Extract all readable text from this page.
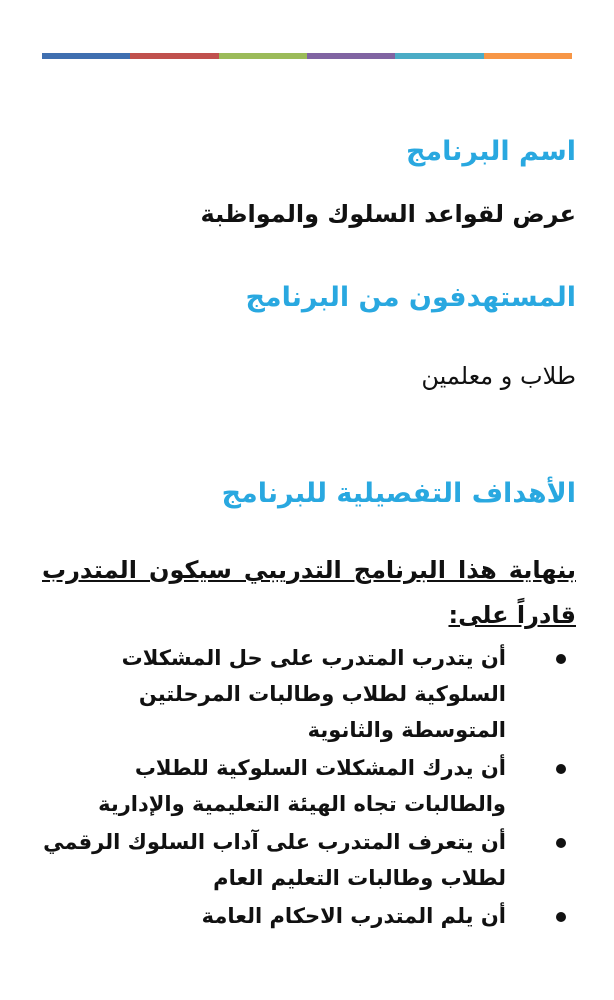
اسم البرنامج

عرض لقواعد السلوك والمواظبة

المستهدفون من البرنامج

طلاب و معلمين

الأهداف التفصيلية للبرنامج

بنهاية هذا البرنامج التدريبي سيكون المتدرب قادراً على:

أن يتدرب المتدرب على حل المشكلات السلوكية لطلاب وطالبات المرحلتين المتوسطة والثانوية
أن يدرك المشكلات السلوكية للطلاب والطالبات تجاه الهيئة التعليمية والإدارية
أن يتعرف المتدرب على آداب السلوك الرقمي لطلاب وطالبات التعليم العام
أن يلم المتدرب الاحكام العامة
